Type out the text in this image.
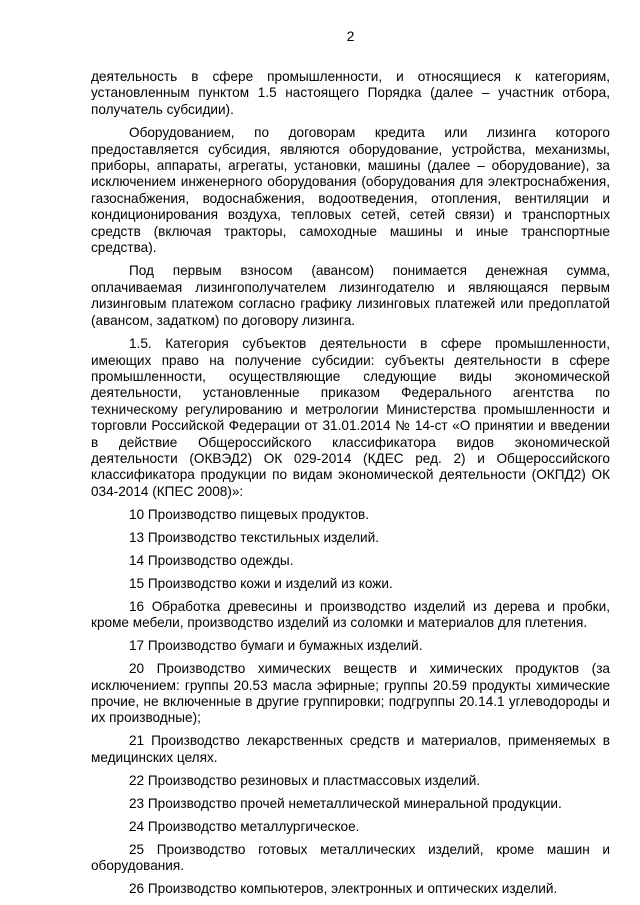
2

деятельность в сфере промышленности, и относящиеся к категориям, установленным пунктом 1.5 настоящего Порядка (далее – участник отбора, получатель субсидии).

Оборудованием, по договорам кредита или лизинга которого предоставляется субсидия, являются оборудование, устройства, механизмы, приборы, аппараты, агрегаты, установки, машины (далее – оборудование), за исключением инженерного оборудования (оборудования для электроснабжения, газоснабжения, водоснабжения, водоотведения, отопления, вентиляции и кондиционирования воздуха, тепловых сетей, сетей связи) и транспортных средств (включая тракторы, самоходные машины и иные транспортные средства).

Под первым взносом (авансом) понимается денежная сумма, оплачиваемая лизингополучателем лизингодателю и являющаяся первым лизинговым платежом согласно графику лизинговых платежей или предоплатой (авансом, задатком) по договору лизинга.

1.5. Категория субъектов деятельности в сфере промышленности, имеющих право на получение субсидии: субъекты деятельности в сфере промышленности, осуществляющие следующие виды экономической деятельности, установленные приказом Федерального агентства по техническому регулированию и метрологии Министерства промышленности и торговли Российской Федерации от 31.01.2014 № 14-ст «О принятии и введении в действие Общероссийского классификатора видов экономической деятельности (ОКВЭД2) ОК 029-2014 (КДЕС ред. 2) и Общероссийского классификатора продукции по видам экономической деятельности (ОКПД2) ОК 034-2014 (КПЕС 2008)»:

10 Производство пищевых продуктов.

13 Производство текстильных изделий.

14 Производство одежды.

15 Производство кожи и изделий из кожи.

16 Обработка древесины и производство изделий из дерева и пробки, кроме мебели, производство изделий из соломки и материалов для плетения.

17 Производство бумаги и бумажных изделий.

20 Производство химических веществ и химических продуктов (за исключением: группы 20.53 масла эфирные; группы 20.59 продукты химические прочие, не включенные в другие группировки; подгруппы 20.14.1 углеводороды и их производные);

21 Производство лекарственных средств и материалов, применяемых в медицинских целях.

22 Производство резиновых и пластмассовых изделий.

23 Производство прочей неметаллической минеральной продукции.

24 Производство металлургическое.

25 Производство готовых металлических изделий, кроме машин и оборудования.

26 Производство компьютеров, электронных и оптических изделий.
